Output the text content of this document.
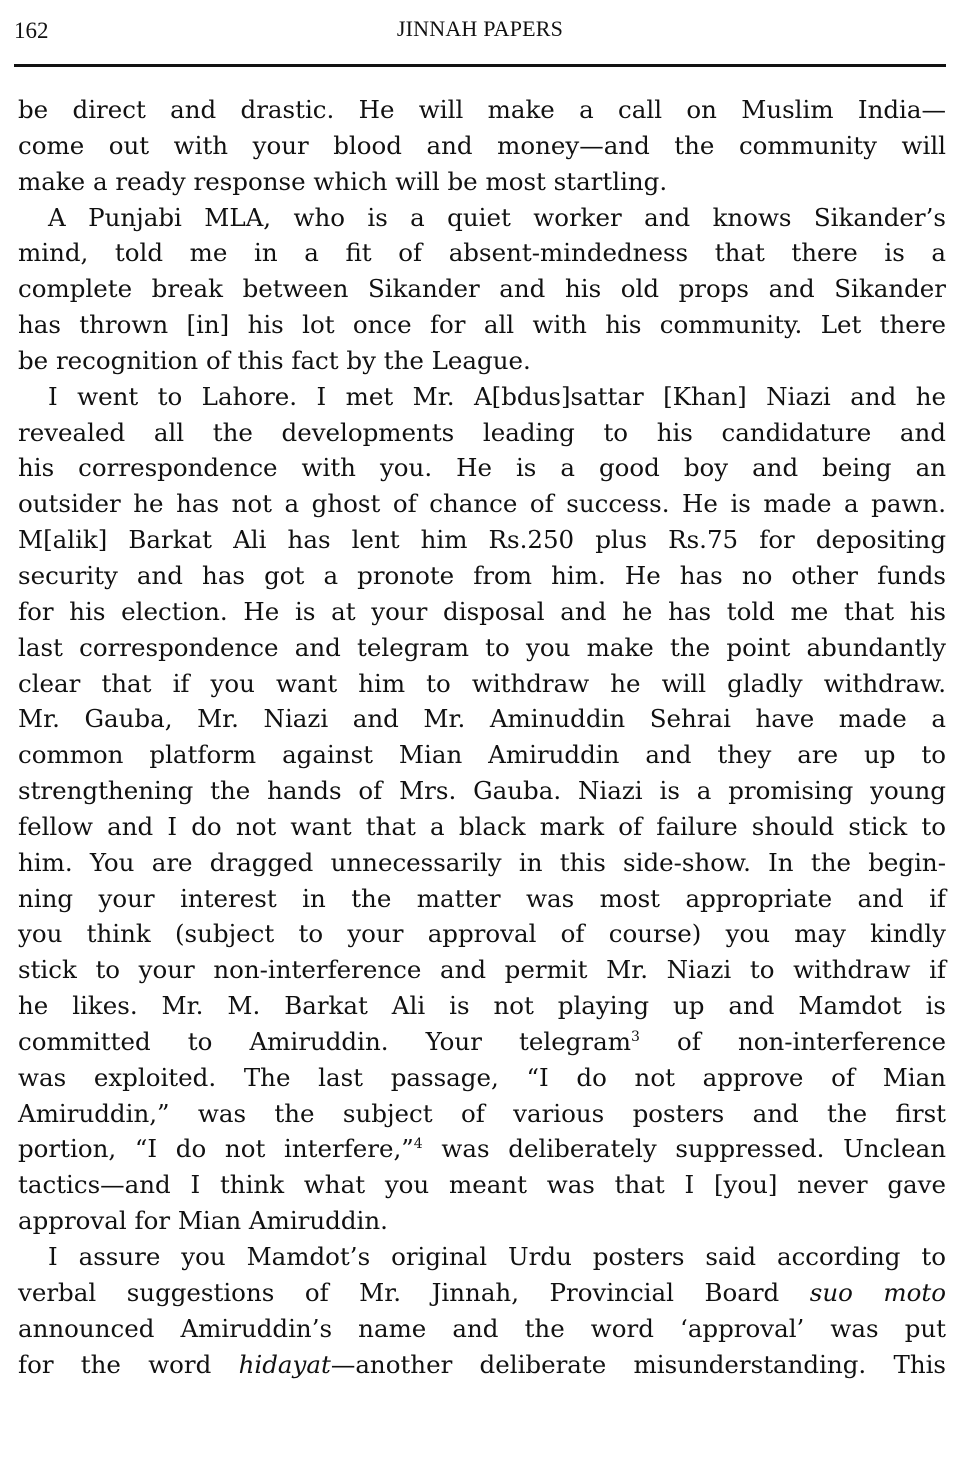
162	JINNAH PAPERS
be direct and drastic. He will make a call on Muslim India—
come out with your blood and money—and the community will
make a ready response which will be most startling.
A Punjabi MLA, who is a quiet worker and knows Sikander’s
mind, told me in a fit of absent-mindedness that there is a
complete break between Sikander and his old props and Sikander
has thrown [in] his lot once for all with his community. Let there
be recognition of this fact by the League.
I went to Lahore. I met Mr. A[bdus]sattar [Khan] Niazi and he
revealed all the developments leading to his candidature and
his correspondence with you. He is a good boy and being an
outsider he has not a ghost of chance of success. He is made a pawn.
M[alik] Barkat Ali has lent him Rs.250 plus Rs.75 for depositing
security and has got a pronote from him. He has no other funds
for his election. He is at your disposal and he has told me that his
last correspondence and telegram to you make the point abundantly
clear that if you want him to withdraw he will gladly withdraw.
Mr. Gauba, Mr. Niazi and Mr. Aminuddin Sehrai have made a
common platform against Mian Amiruddin and they are up to
strengthening the hands of Mrs. Gauba. Niazi is a promising young
fellow and I do not want that a black mark of failure should stick to
him. You are dragged unnecessarily in this side-show. In the begin-
ning your interest in the matter was most appropriate and if
you think (subject to your approval of course) you may kindly
stick to your non-interference and permit Mr. Niazi to withdraw if
he likes. Mr. M. Barkat Ali is not playing up and Mamdot is
committed to Amiruddin. Your telegram$^3$ of non-interference
was exploited. The last passage, “I do not approve of Mian
Amiruddin,” was the subject of various posters and the first
portion, “I do not interfere,”$^4$ was deliberately suppressed. Unclean
tactics—and I think what you meant was that I [you] never gave
approval for Mian Amiruddin.
I assure you Mamdot’s original Urdu posters said according to
verbal suggestions of Mr. Jinnah, Provincial Board suo moto
announced Amiruddin’s name and the word ‘approval’ was put
for the word hidayat—another deliberate misunderstanding. This
